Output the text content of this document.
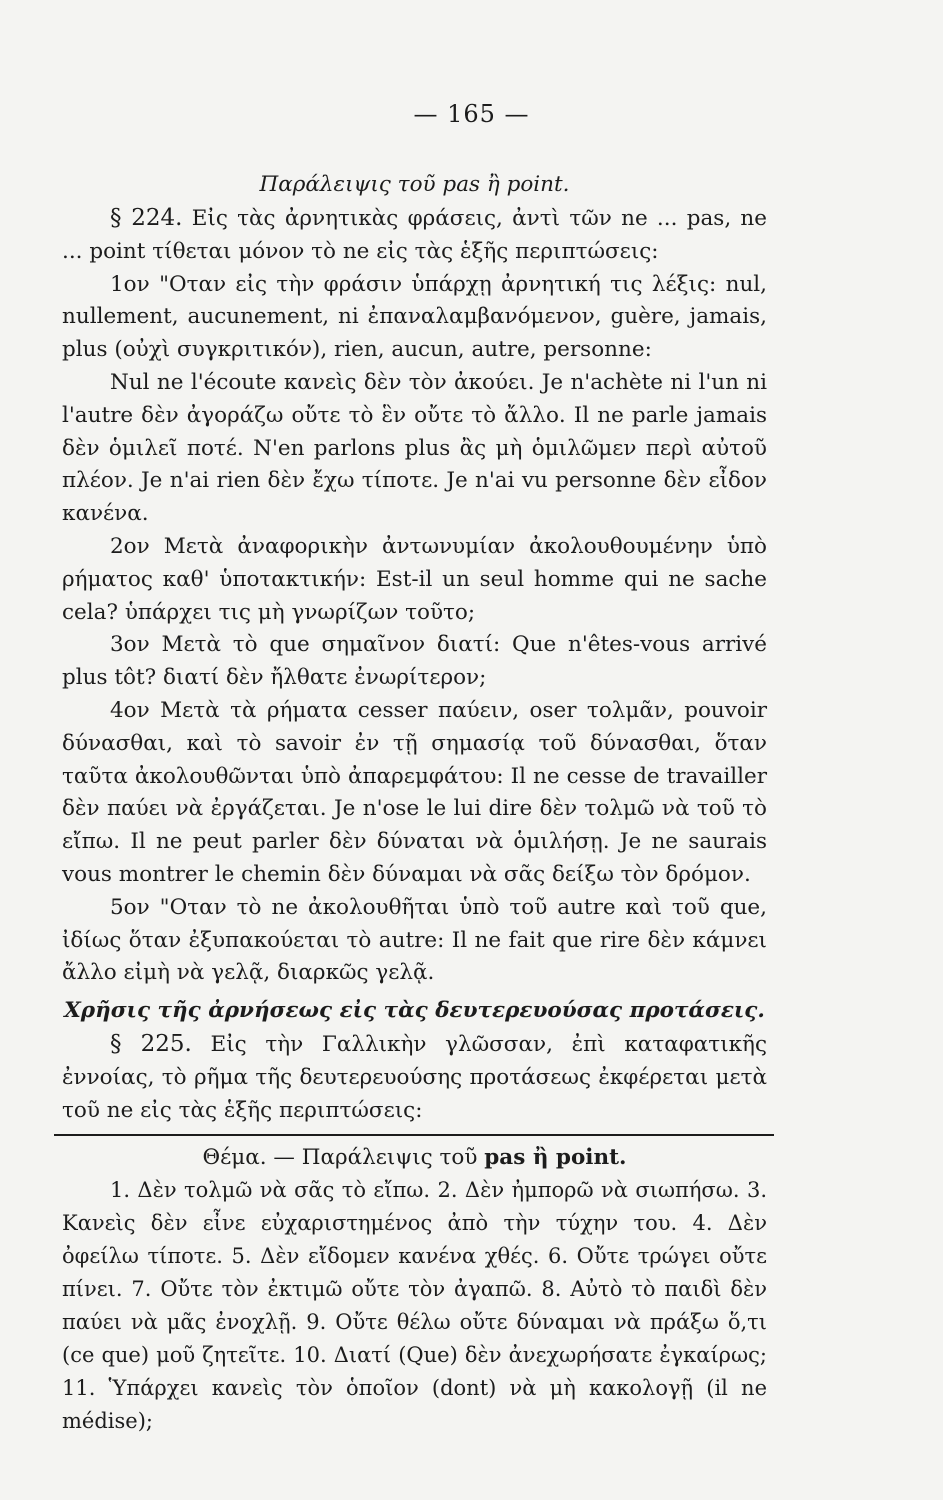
— 165 —

Παράλειψις τοῦ pas ἢ point.

§ 224. Εἰς τὰς ἀρνητικὰς φράσεις, ἀντὶ τῶν ne ... pas, ne ... point τίθεται μόνον τὸ ne εἰς τὰς ἑξῆς περιπτώσεις:

1ον "Οταν εἰς τὴν φράσιν ὑπάρχῃ ἀρνητική τις λέξις: nul, nullement, aucunement, ni ἐπαναλαμβανόμενον, guère, jamais, plus (οὐχὶ συγκριτικόν), rien, aucun, autre, personne:

Nul ne l'écoute κανεὶς δὲν τὸν ἀκούει. Je n'achète ni l'un ni l'autre δὲν ἀγοράζω οὔτε τὸ ἓν οὔτε τὸ ἄλλο. Il ne parle jamais δὲν ὁμιλεῖ ποτέ. N'en parlons plus ἂς μὴ ὁμιλῶμεν περὶ αὐτοῦ πλέον. Je n'ai rien δὲν ἔχω τίποτε. Je n'ai vu personne δὲν εἶδον κανένα.

2ον Μετὰ ἀναφορικὴν ἀντωνυμίαν ἀκολουθουμένην ὑπὸ ρήματος καθ' ὑποτακτικήν: Est-il un seul homme qui ne sache cela? ὑπάρχει τις μὴ γνωρίζων τοῦτο;

3ον Μετὰ τὸ que σημαῖνον διατί: Que n'êtes-vous arrivé plus tôt? διατί δὲν ἤλθατε ἐνωρίτερον;

4ον Μετὰ τὰ ρήματα cesser παύειν, oser τολμᾶν, pouvoir δύνασθαι, καὶ τὸ savoir ἐν τῇ σημασίᾳ τοῦ δύνασθαι, ὅταν ταῦτα ἀκολουθῶνται ὑπὸ ἀπαρεμφάτου: Il ne cesse de travailler δὲν παύει νὰ ἐργάζεται. Je n'ose le lui dire δὲν τολμῶ νὰ τοῦ τὸ εἴπω. Il ne peut parler δὲν δύναται νὰ ὁμιλήσῃ. Je ne saurais vous montrer le chemin δὲν δύναμαι νὰ σᾶς δείξω τὸν δρόμον.

5ον "Οταν τὸ ne ἀκολουθῆται ὑπὸ τοῦ autre καὶ τοῦ que, ἰδίως ὅταν ἐξυπακούεται τὸ autre: Il ne fait que rire δὲν κάμνει ἄλλο εἰμὴ νὰ γελᾷ, διαρκῶς γελᾷ.

Χρῆσις τῆς ἀρνήσεως εἰς τὰς δευτερευούσας προτάσεις.

§ 225. Εἰς τὴν Γαλλικὴν γλῶσσαν, ἐπὶ καταφατικῆς ἐννοίας, τὸ ρῆμα τῆς δευτερευούσης προτάσεως ἐκφέρεται μετὰ τοῦ ne εἰς τὰς ἑξῆς περιπτώσεις:

Θέμα. — Παράλειψις τοῦ pas ἢ point.

1. Δὲν τολμῶ νὰ σᾶς τὸ εἴπω. 2. Δὲν ἠμπορῶ νὰ σιωπήσω. 3. Κανεὶς δὲν εἶνε εὐχαριστημένος ἀπὸ τὴν τύχην του. 4. Δὲν ὀφείλω τίποτε. 5. Δὲν εἴδομεν κανένα χθές. 6. Οὔτε τρώγει οὔτε πίνει. 7. Οὔτε τὸν ἐκτιμῶ οὔτε τὸν ἀγαπῶ. 8. Αὐτὸ τὸ παιδὶ δὲν παύει νὰ μᾶς ἐνοχλῇ. 9. Οὔτε θέλω οὔτε δύναμαι νὰ πράξω ὅ,τι (ce que) μοῦ ζητεῖτε. 10. Διατί (Que) δὲν ἀνεχωρήσατε ἐγκαίρως; 11. Ὑπάρχει κανεὶς τὸν ὁποῖον (dont) νὰ μὴ κακολογῇ (il ne médise);
